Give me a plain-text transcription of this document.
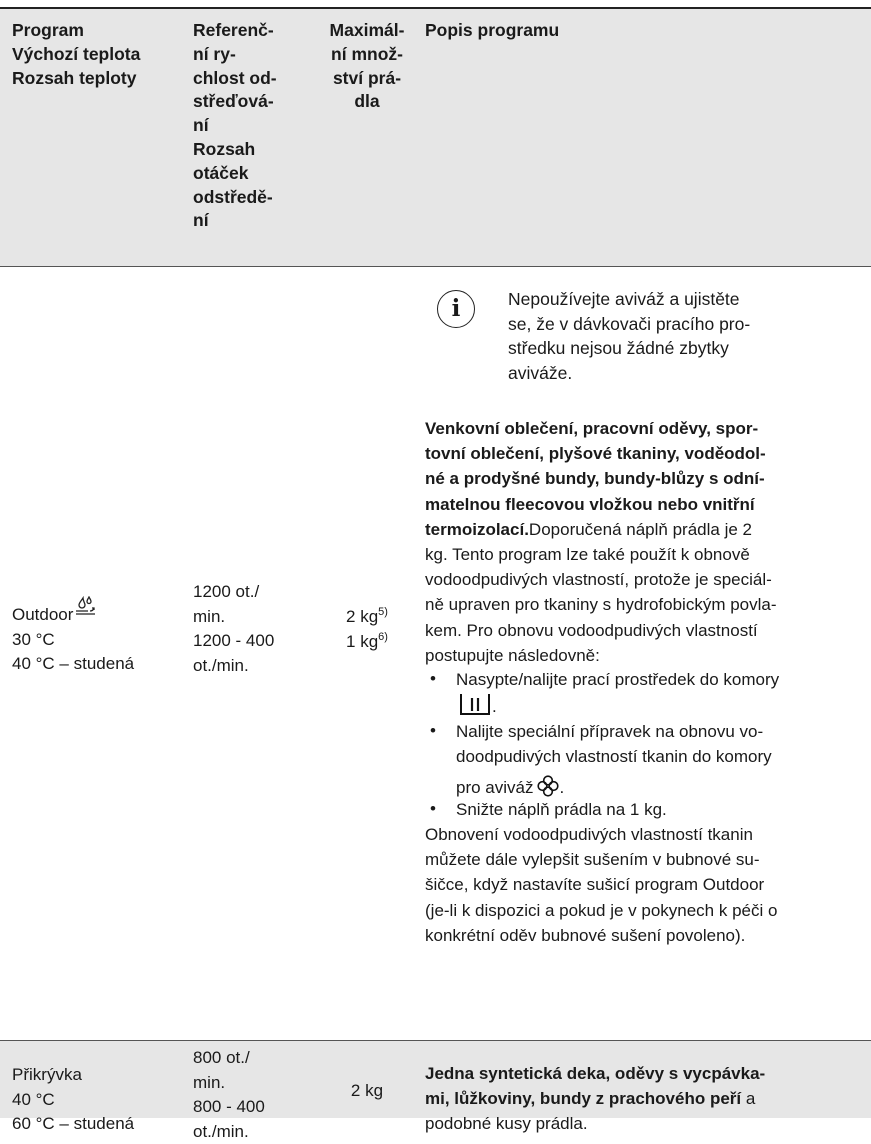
Program
Výchozí teplota
Rozsah teploty
Referenč-
ní ry-
chlost od-
střeďová-
ní
Rozsah
otáček
odstředě-
ní
Maximál-
ní množ-
ství prá-
dla
Popis programu
Outdoor
30 °C
40 °C – studená
1200 ot./
min.
1200 - 400
ot./min.
2 $kg^{5)}$
1 $kg^{6)}$
i	Nepoužívejte aviváž a ujistěte
se, že v dávkovači pracího pro-
středku nejsou žádné zbytky
aviváže.
Venkovní oblečení, pracovní oděvy, spor-
tovní oblečení, plyšové tkaniny, voděodol-
né a prodyšné bundy, bundy-blůzy s odní-
matelnou fleecovou vložkou nebo vnitřní
termoizolací.Doporučená náplň prádla je 2
kg. Tento program lze také použít k obnově
vodoodpudivých vlastností, protože je speciál-
ně upraven pro tkaniny s hydrofobickým povla-
kem. Pro obnovu vodoodpudivých vlastností
postupujte následovně:
• Nasypte/nalijte prací prostředek do komory
.
• Nalijte speciální přípravek na obnovu vo-
doodpudivých vlastností tkanin do komory
pro aviváž .
• Snižte náplň prádla na 1 kg.
Obnovení vodoodpudivých vlastností tkanin
můžete dále vylepšit sušením v bubnové su-
šičce, když nastavíte sušicí program Outdoor
(je-li k dispozici a pokud je v pokynech k péči o
konkrétní oděv bubnové sušení povoleno).
Přikrývka
40 °C
60 °C – studená
800 ot./
min.
800 - 400
ot./min.
2 kg
Jedna syntetická deka, oděvy s vycpávka-
mi, lůžkoviny, bundy z prachového peří a
podobné kusy prádla.
